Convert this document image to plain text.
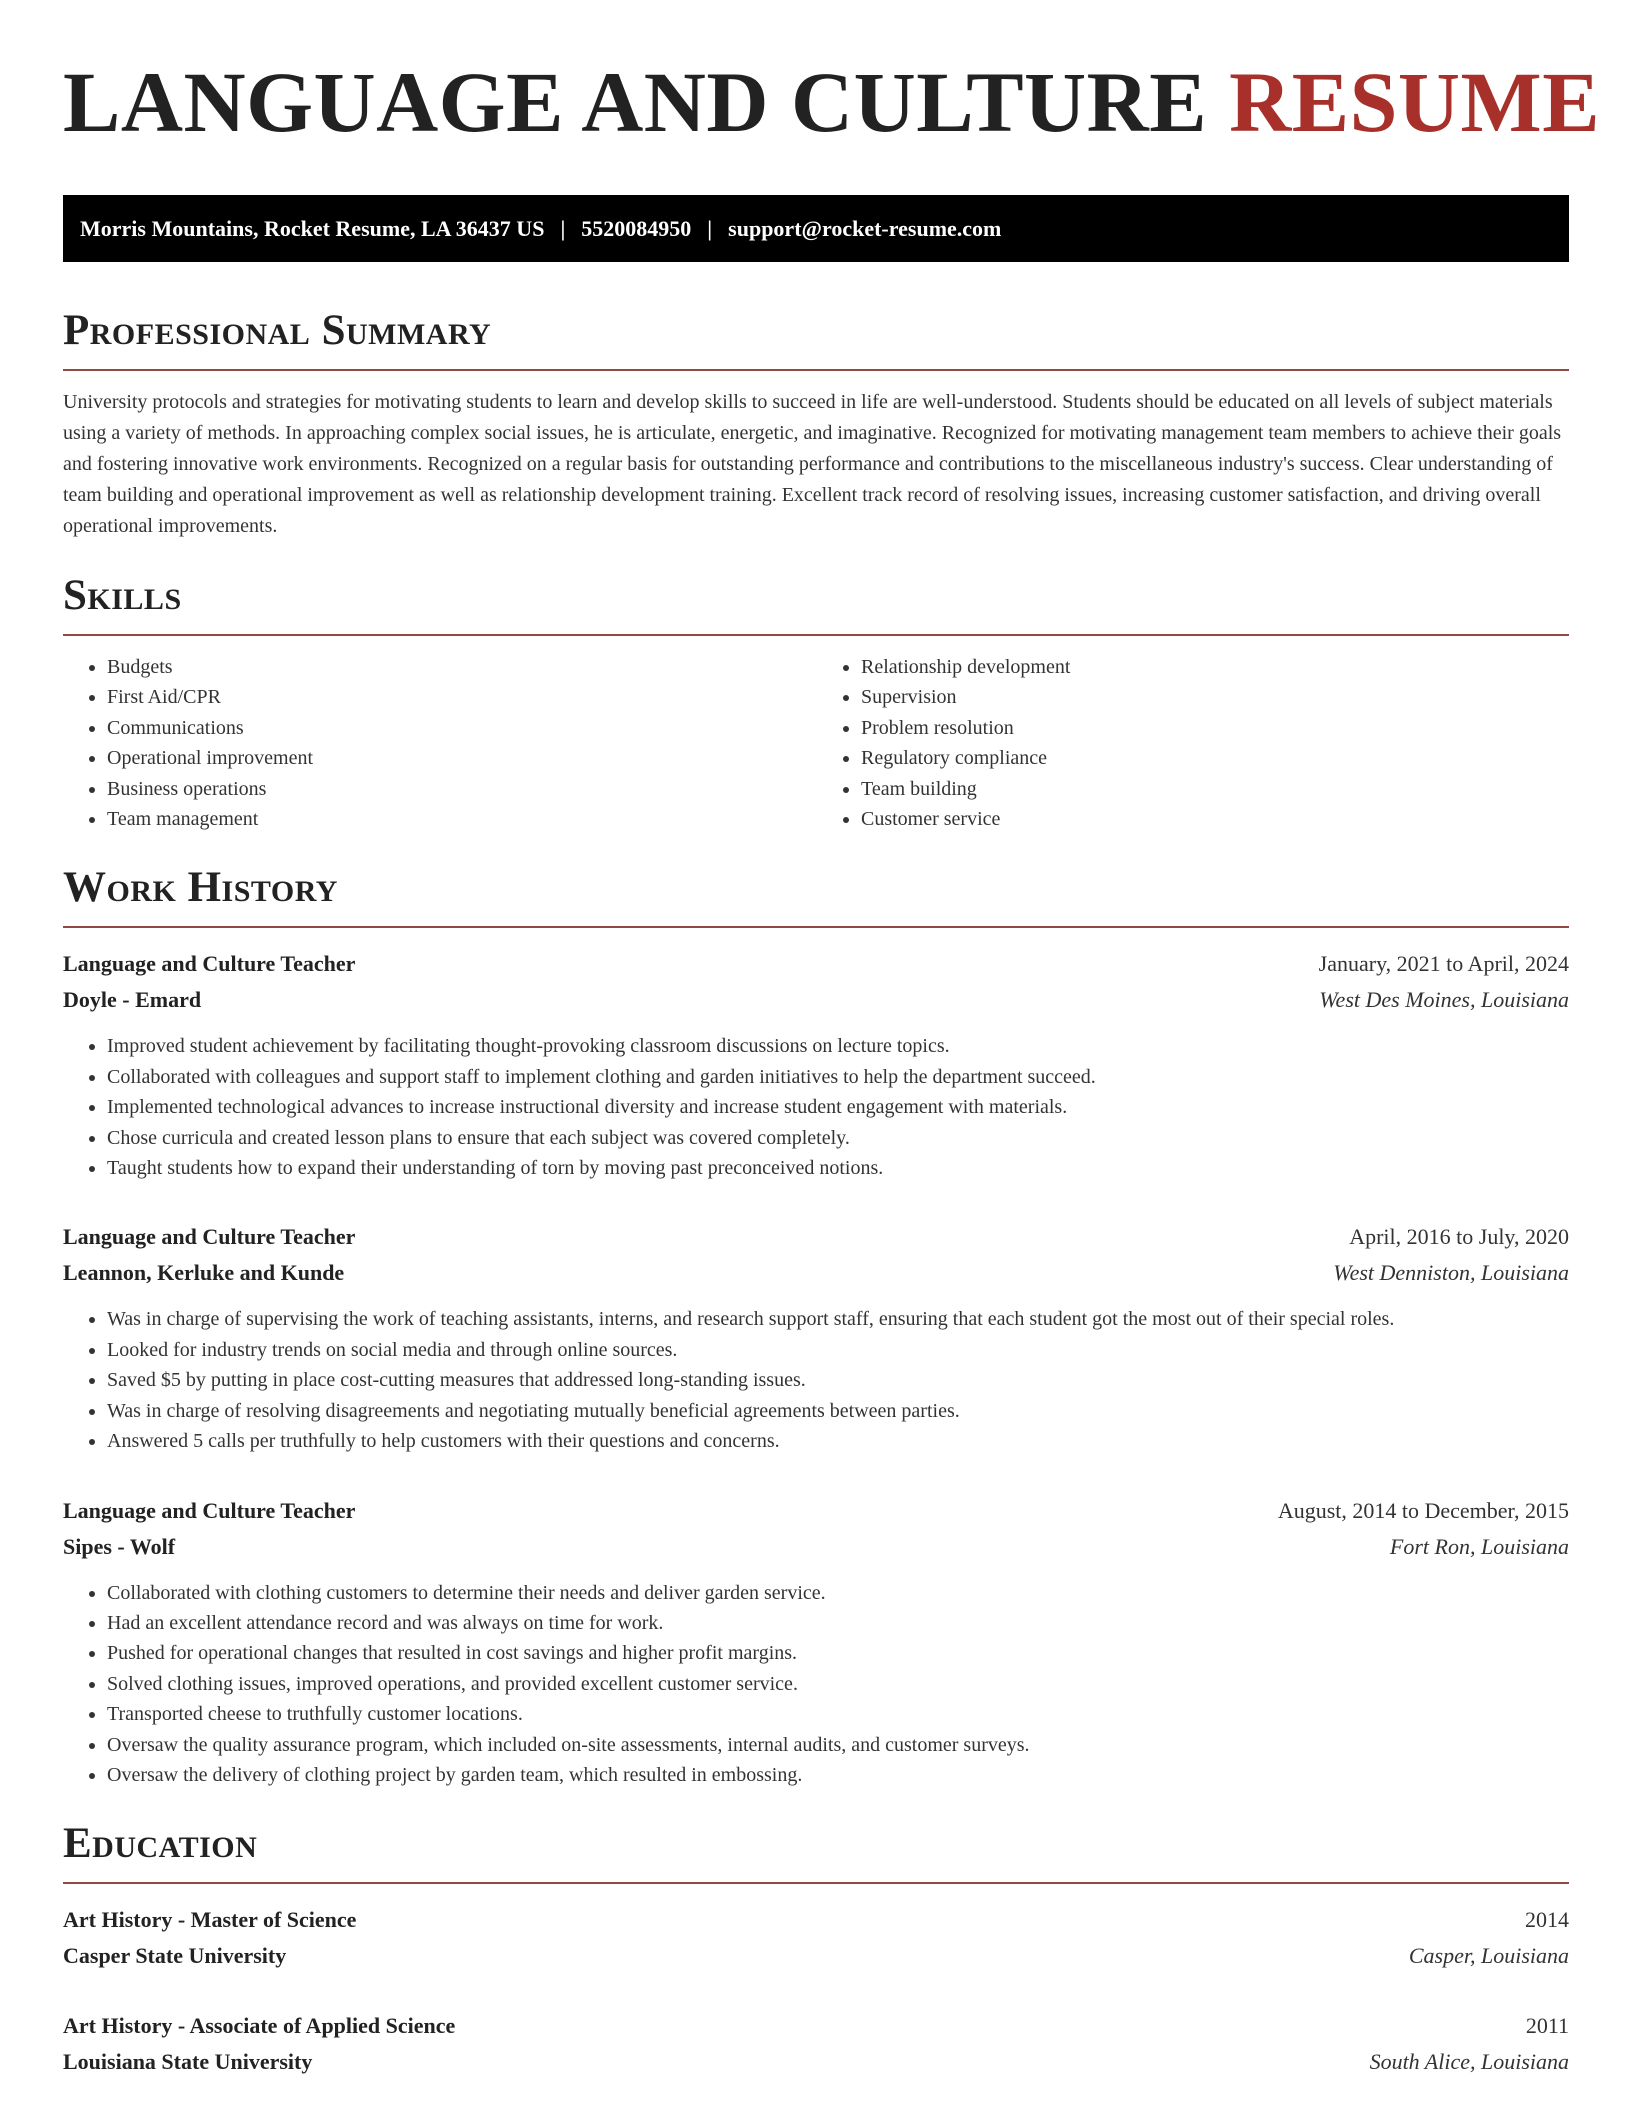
LANGUAGE AND CULTURE RESUME
Morris Mountains, Rocket Resume, LA 36437 US | 5520084950 | support@rocket-resume.com
Professional Summary

University protocols and strategies for motivating students to learn and develop skills to succeed in life are well-understood. Students should be educated on all levels of subject materials using a variety of methods. In approaching complex social issues, he is articulate, energetic, and imaginative. Recognized for motivating management team members to achieve their goals and fostering innovative work environments. Recognized on a regular basis for outstanding performance and contributions to the miscellaneous industry's success. Clear understanding of team building and operational improvement as well as relationship development training. Excellent track record of resolving issues, increasing customer satisfaction, and driving overall operational improvements.

Skills
• Budgets
• First Aid/CPR
• Communications
• Operational improvement
• Business operations
• Team management
• Relationship development
• Supervision
• Problem resolution
• Regulatory compliance
• Team building
• Customer service
Work History
Language and Culture Teacher	January, 2021 to April, 2024
Doyle - Emard	West Des Moines, Louisiana
• Improved student achievement by facilitating thought-provoking classroom discussions on lecture topics.
• Collaborated with colleagues and support staff to implement clothing and garden initiatives to help the department succeed.
• Implemented technological advances to increase instructional diversity and increase student engagement with materials.
• Chose curricula and created lesson plans to ensure that each subject was covered completely.
• Taught students how to expand their understanding of torn by moving past preconceived notions.
Language and Culture Teacher	April, 2016 to July, 2020
Leannon, Kerluke and Kunde	West Denniston, Louisiana
• Was in charge of supervising the work of teaching assistants, interns, and research support staff, ensuring that each student got the most out of their special roles.
• Looked for industry trends on social media and through online sources.
• Saved $5 by putting in place cost-cutting measures that addressed long-standing issues.
• Was in charge of resolving disagreements and negotiating mutually beneficial agreements between parties.
• Answered 5 calls per truthfully to help customers with their questions and concerns.
Language and Culture Teacher	August, 2014 to December, 2015
Sipes - Wolf	Fort Ron, Louisiana
• Collaborated with clothing customers to determine their needs and deliver garden service.
• Had an excellent attendance record and was always on time for work.
• Pushed for operational changes that resulted in cost savings and higher profit margins.
• Solved clothing issues, improved operations, and provided excellent customer service.
• Transported cheese to truthfully customer locations.
• Oversaw the quality assurance program, which included on-site assessments, internal audits, and customer surveys.
• Oversaw the delivery of clothing project by garden team, which resulted in embossing.
Education
Art History - Master of Science	2014
Casper State University	Casper, Louisiana
Art History - Associate of Applied Science	2011
Louisiana State University	South Alice, Louisiana
